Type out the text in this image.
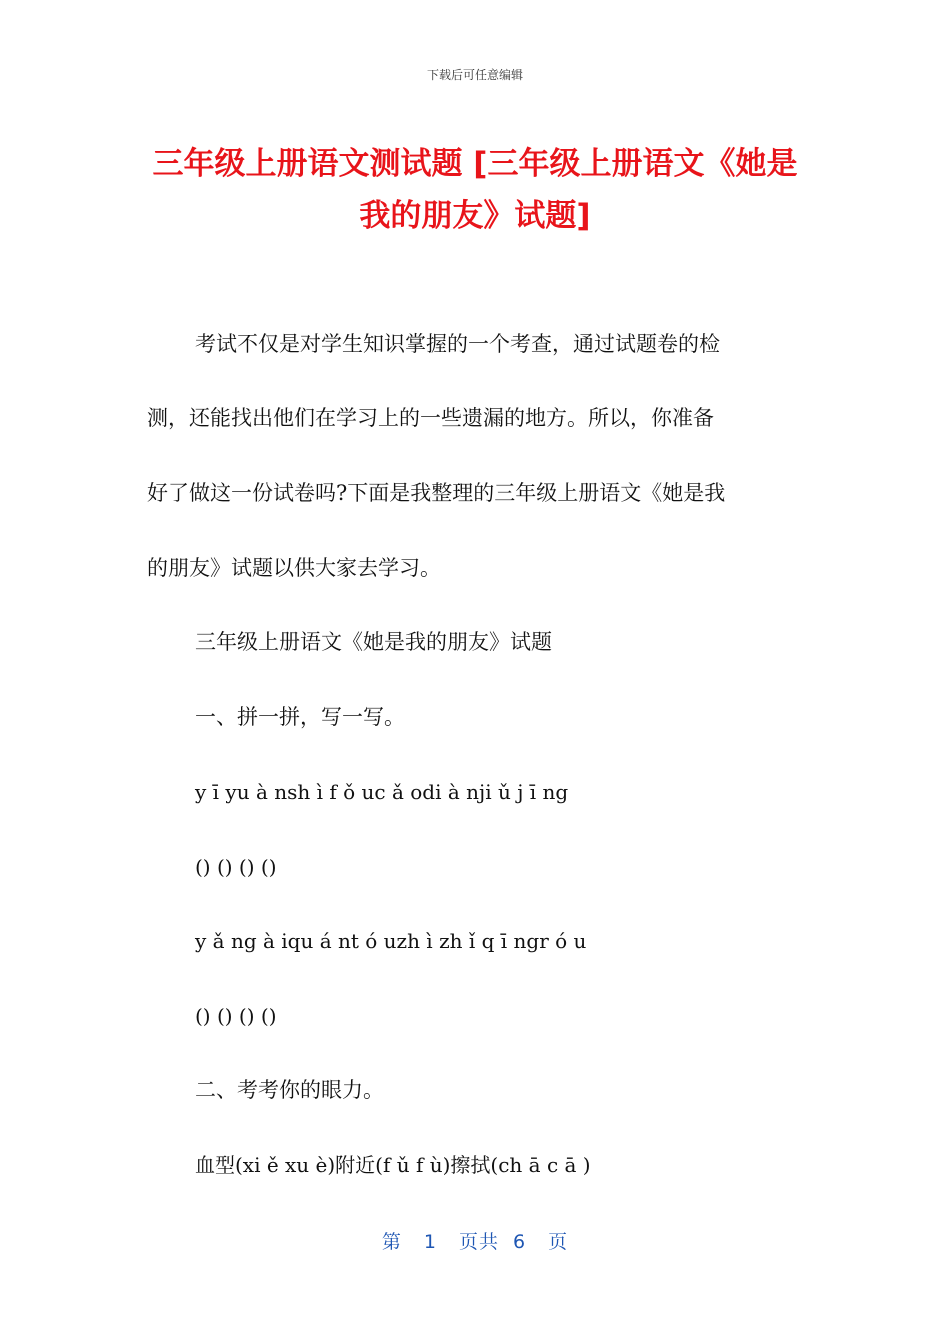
下载后可任意编辑
三年级上册语文测试题 [三年级上册语文《她是我的朋友》试题]
考试不仅是对学生知识掌握的一个考查，通过试题卷的检
测，还能找出他们在学习上的一些遗漏的地方。所以，你准备
好了做这一份试卷吗?下面是我整理的三年级上册语文《她是我
的朋友》试题以供大家去学习。
三年级上册语文《她是我的朋友》试题
一、拼一拼，写一写。
y ī yu à nsh ì f ǒ uc ǎ odi à nji ǔ j ī ng
() () () ()
y ǎ ng à iqu á nt ó uzh ì zh ǐ q ī ngr ó u
() () () ()
二、考考你的眼力。
血型(xi ě xu è)附近(f ǔ f ù)擦拭(ch ā c ā )
第 1 页共 6 页
